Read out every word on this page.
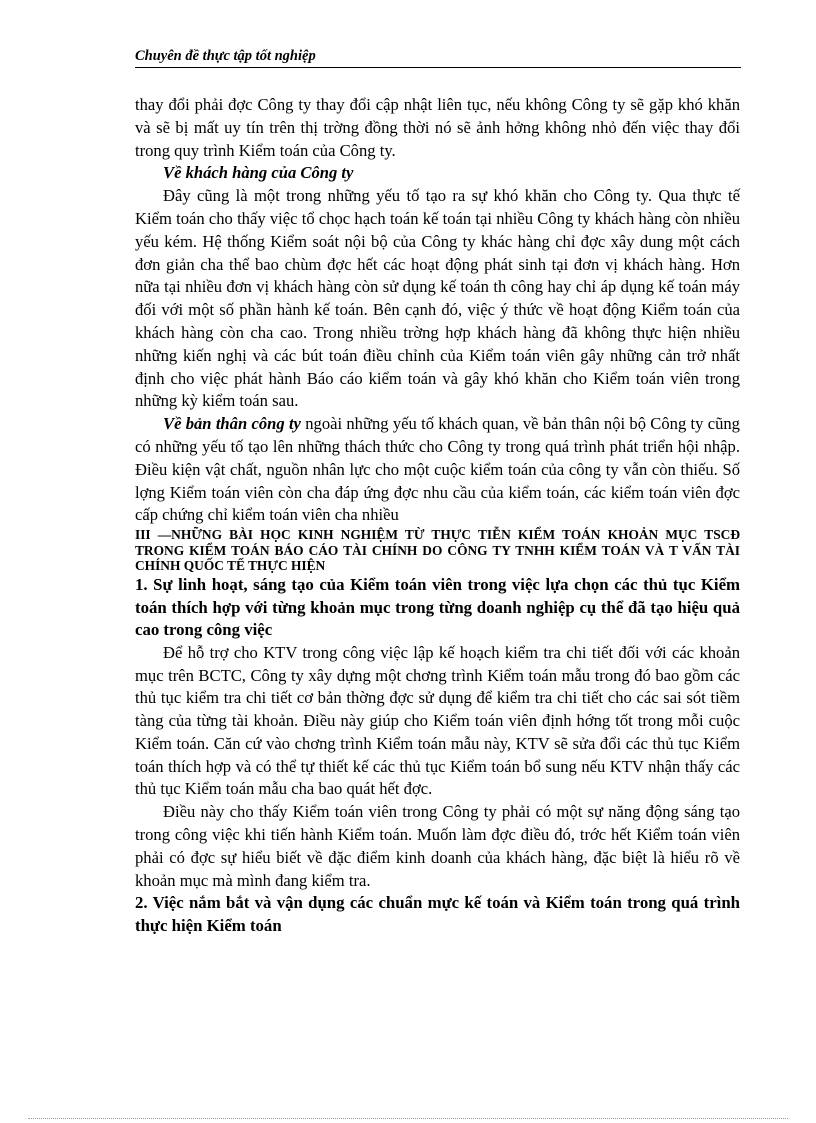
Chuyên đề thực tập tốt nghiệp

thay đổi phải đợc Công ty thay đổi cập nhật liên tục, nếu không Công ty sẽ gặp khó khăn và sẽ bị mất uy tín trên thị trờng đồng thời nó sẽ ảnh hởng không nhỏ đến việc thay đổi trong quy trình Kiểm toán của Công ty.

Về khách hàng của Công ty

Đây cũng là một trong những yếu tố tạo ra sự khó khăn cho Công ty. Qua thực tế Kiểm toán cho thấy việc tổ chọc hạch toán kế toán tại nhiều Công ty khách hàng còn nhiều yếu kém. Hệ thống Kiểm soát nội bộ của Công ty khác hàng chỉ đợc xây dung một cách đơn giản cha thể bao chùm đợc hết các hoạt động phát sinh tại đơn vị khách hàng. Hơn nữa tại nhiều đơn vị khách hàng còn sử dụng kế toán th công hay chỉ áp dụng kế toán máy đối với một số phần hành kế toán. Bên cạnh đó, việc ý thức về hoạt động Kiểm toán của khách hàng còn cha cao. Trong nhiều trờng hợp khách hàng đã không thực hiện nhiều những kiến nghị và các bút toán điều chỉnh của Kiểm toán viên gây những cản trở nhất định cho việc phát hành Báo cáo kiểm toán và gây khó khăn cho Kiểm toán viên trong những kỳ kiểm toán sau.

Về bản thân công ty ngoài những yếu tố khách quan, về bản thân nội bộ Công ty cũng có những yếu tố tạo lên những thách thức cho Công ty trong quá trình phát triển hội nhập. Điều kiện vật chất, nguồn nhân lực cho một cuộc kiểm toán của công ty vẫn còn thiếu. Số lợng Kiểm toán viên còn cha đáp ứng đợc nhu cầu của kiểm toán, các kiểm toán viên đợc cấp chứng chỉ kiểm toán viên cha nhiều

III —NHỮNG BÀI HỌC KINH NGHIỆM TỪ THỰC TIỄN KIỂM TOÁN KHOẢN MỤC TSCĐ TRONG KIỂM TOÁN BÁO CÁO TÀI CHÍNH DO CÔNG TY TNHH KIỂM TOÁN VÀ T VẤN TÀI CHÍNH QUỐC TẾ THỰC HIỆN

1. Sự linh hoạt, sáng tạo của Kiểm toán viên trong việc lựa chọn các thủ tục Kiểm toán thích hợp với từng khoản mục trong từng doanh nghiệp cụ thể đã tạo hiệu quả cao trong công việc

Để hỗ trợ cho KTV trong công việc lập kế hoạch kiểm tra chi tiết đối với các khoản mục trên BCTC, Công ty xây dựng một chơng trình Kiểm toán mẫu trong đó bao gồm các thủ tục kiểm tra chi tiết cơ bản thờng đợc sử dụng để kiểm tra chi tiết cho các sai sót tiềm tàng của từng tài khoản. Điều này giúp cho Kiểm toán viên định hớng tốt trong mỗi cuộc Kiểm toán. Căn cứ vào chơng trình Kiểm toán mẫu này, KTV sẽ sửa đổi các thủ tục Kiểm toán thích hợp và có thể tự thiết kế các thủ tục Kiểm toán bổ sung nếu KTV nhận thấy các thủ tục Kiểm toán mẫu cha bao quát hết đợc.

Điều này cho thấy Kiểm toán viên trong Công ty phải có một sự năng động sáng tạo trong công việc khi tiến hành Kiểm toán. Muốn làm đợc điều đó, trớc hết Kiểm toán viên phải có đợc sự hiểu biết về đặc điểm kinh doanh của khách hàng, đặc biệt là hiểu rõ về khoản mục mà mình đang kiểm tra.

2. Việc nắm bắt và vận dụng các chuẩn mực kế toán và Kiểm toán trong quá trình thực hiện Kiểm toán
